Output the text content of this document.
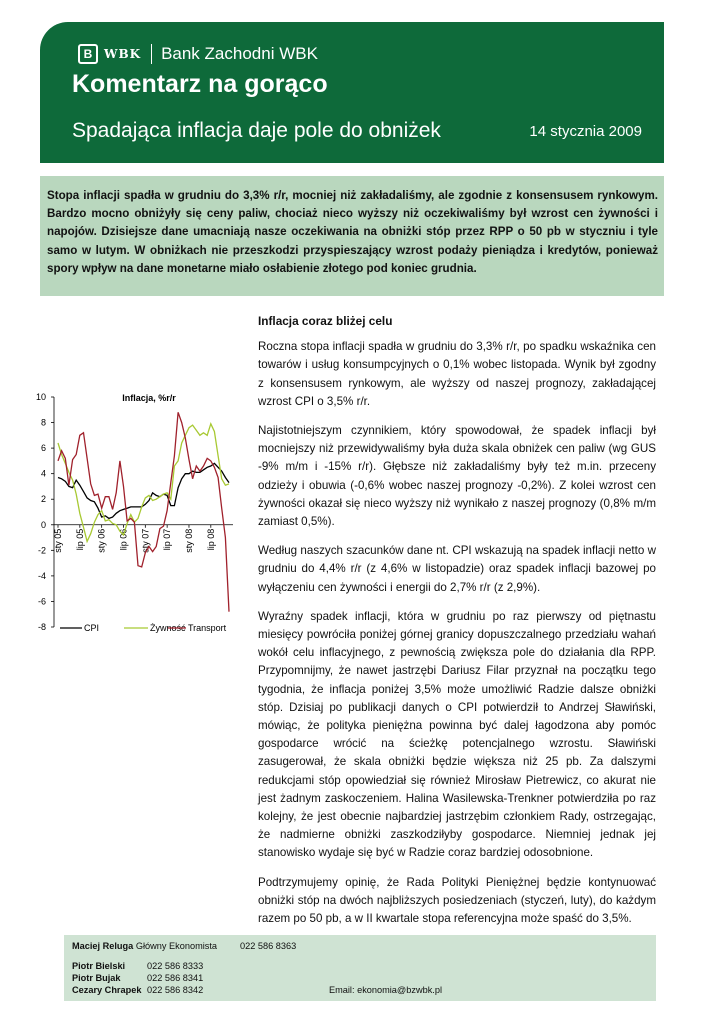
B WBK Bank Zachodni WBK
Komentarz na gorąco
Spadająca inflacja daje pole do obniżek	14 stycznia 2009
Stopa inflacji spadła w grudniu do 3,3% r/r, mocniej niż zakładaliśmy, ale zgodnie z konsensusem rynkowym. Bardzo mocno obniżyły się ceny paliw, chociaż nieco wyższy niż oczekiwaliśmy był wzrost cen żywności i napojów. Dzisiejsze dane umacniają nasze oczekiwania na obniżki stóp przez RPP o 50 pb w styczniu i tyle samo w lutym. W obniżkach nie przeszkodzi przyspieszający wzrost podaży pieniądza i kredytów, ponieważ spory wpływ na dane monetarne miało osłabienie złotego pod koniec grudnia.
Inflacja, %r/r
-8
-6
-4
-2
0
2
4
6
8
10
sty 05 lip 05 sty 06 lip 06 sty 07 lip 07 sty 08 lip 08
CPI	Żywność Transport
Inflacja coraz bliżej celu

Roczna stopa inflacji spadła w grudniu do 3,3% r/r, po spadku wskaźnika cen towarów i usług konsumpcyjnych o 0,1% wobec listopada. Wynik był zgodny z konsensusem rynkowym, ale wyższy od naszej prognozy, zakładającej wzrost CPI o 3,5% r/r.

Najistotniejszym czynnikiem, który spowodował, że spadek inflacji był mocniejszy niż przewidywaliśmy była duża skala obniżek cen paliw (wg GUS -9% m/m i -15% r/r). Głębsze niż zakładaliśmy były też m.in. przeceny odzieży i obuwia (-0,6% wobec naszej prognozy -0,2%). Z kolei wzrost cen żywności okazał się nieco wyższy niż wynikało z naszej prognozy (0,8% m/m zamiast 0,5%).

Według naszych szacunków dane nt. CPI wskazują na spadek inflacji netto w grudniu do 4,4% r/r (z 4,6% w listopadzie) oraz spadek inflacji bazowej po wyłączeniu cen żywności i energii do 2,7% r/r (z 2,9%).

Wyraźny spadek inflacji, która w grudniu po raz pierwszy od piętnastu miesięcy powróciła poniżej górnej granicy dopuszczalnego przedziału wahań wokół celu inflacyjnego, z pewnością zwiększa pole do działania dla RPP. Przypomnijmy, że nawet jastrzębi Dariusz Filar przyznał na początku tego tygodnia, że inflacja poniżej 3,5% może umożliwić Radzie dalsze obniżki stóp. Dzisiaj po publikacji danych o CPI potwierdził to Andrzej Sławiński, mówiąc, że polityka pieniężna powinna być dalej łagodzona aby pomóc gospodarce wrócić na ścieżkę potencjalnego wzrostu. Sławiński zasugerował, że skala obniżki będzie większa niż 25 pb. Za dalszymi redukcjami stóp opowiedział się również Mirosław Pietrewicz, co akurat nie jest żadnym zaskoczeniem. Halina Wasilewska-Trenkner potwierdziła po raz kolejny, że jest obecnie najbardziej jastrzębim członkiem Rady, ostrzegając, że nadmierne obniżki zaszkodziłyby gospodarce. Niemniej jednak jej stanowisko wydaje się być w Radzie coraz bardziej odosobnione.

Podtrzymujemy opinię, że Rada Polityki Pieniężnej będzie kontynuować obniżki stóp na dwóch najbliższych posiedzeniach (styczeń, luty), do każdym razem po 50 pb, a w II kwartale stopa referencyjna może spaść do 3,5%.

Maciej Reluga Główny Ekonomista 022 586 8363
Piotr Bielski 022 586 8333
Piotr Bujak	022 586 8341
Cezary Chrapek 022 586 8342	Email: ekonomia@bzwbk.pl
